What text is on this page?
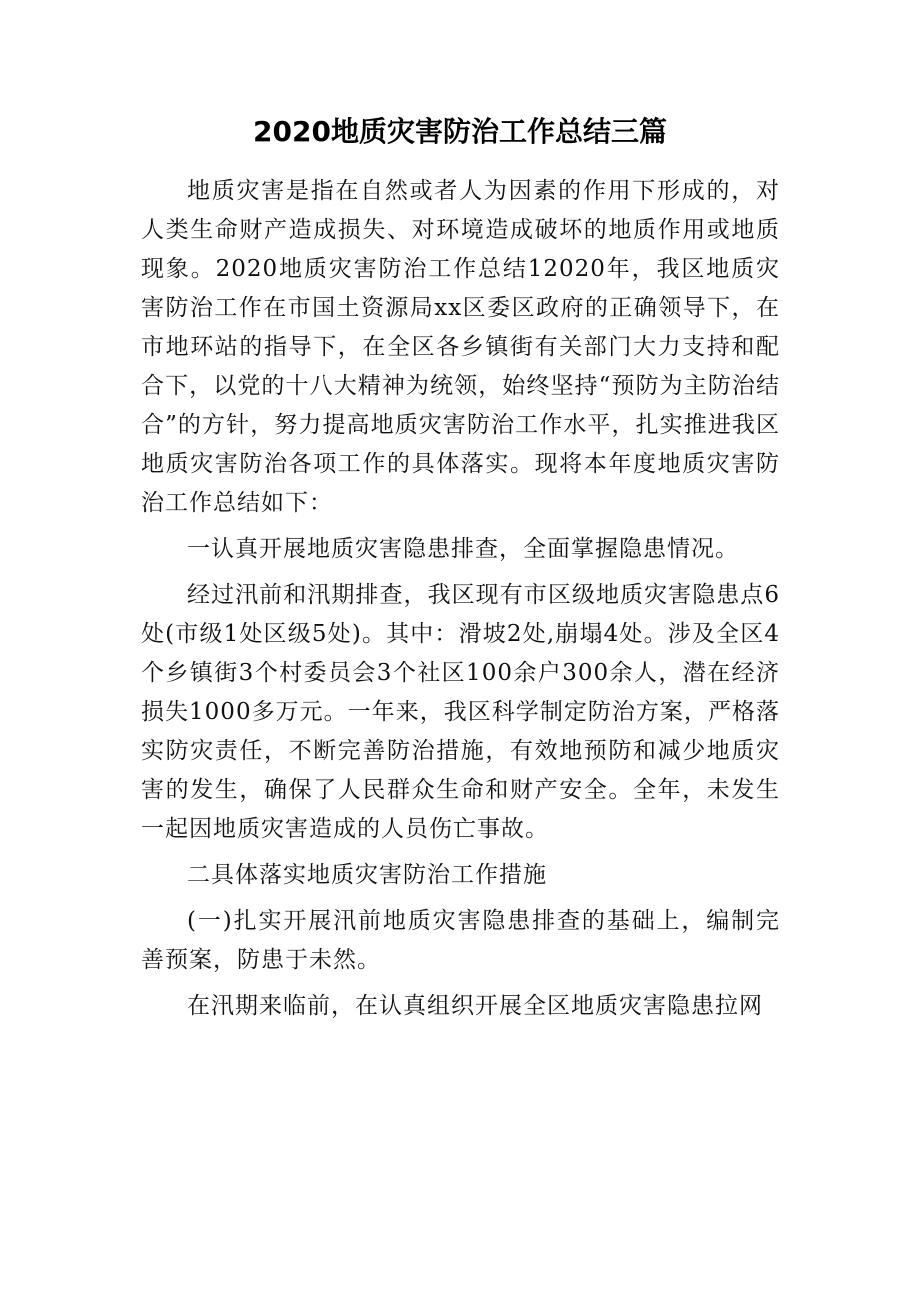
2020地质灾害防治工作总结三篇

地质灾害是指在自然或者人为因素的作用下形成的，对人类生命财产造成损失、对环境造成破坏的地质作用或地质现象。2020地质灾害防治工作总结12020年，我区地质灾害防治工作在市国土资源局xx区委区政府的正确领导下，在市地环站的指导下，在全区各乡镇街有关部门大力支持和配合下，以党的十八大精神为统领，始终坚持“预防为主防治结合”的方针，努力提高地质灾害防治工作水平，扎实推进我区地质灾害防治各项工作的具体落实。现将本年度地质灾害防治工作总结如下：

一认真开展地质灾害隐患排查，全面掌握隐患情况。

经过汛前和汛期排查，我区现有市区级地质灾害隐患点6处(市级1处区级5处)。其中：滑坡2处,崩塌4处。涉及全区4个乡镇街3个村委员会3个社区100余户300余人，潜在经济损失1000多万元。一年来，我区科学制定防治方案，严格落实防灾责任，不断完善防治措施，有效地预防和减少地质灾害的发生，确保了人民群众生命和财产安全。全年，未发生一起因地质灾害造成的人员伤亡事故。

二具体落实地质灾害防治工作措施

(一)扎实开展汛前地质灾害隐患排查的基础上，编制完善预案，防患于未然。

在汛期来临前，在认真组织开展全区地质灾害隐患拉网
